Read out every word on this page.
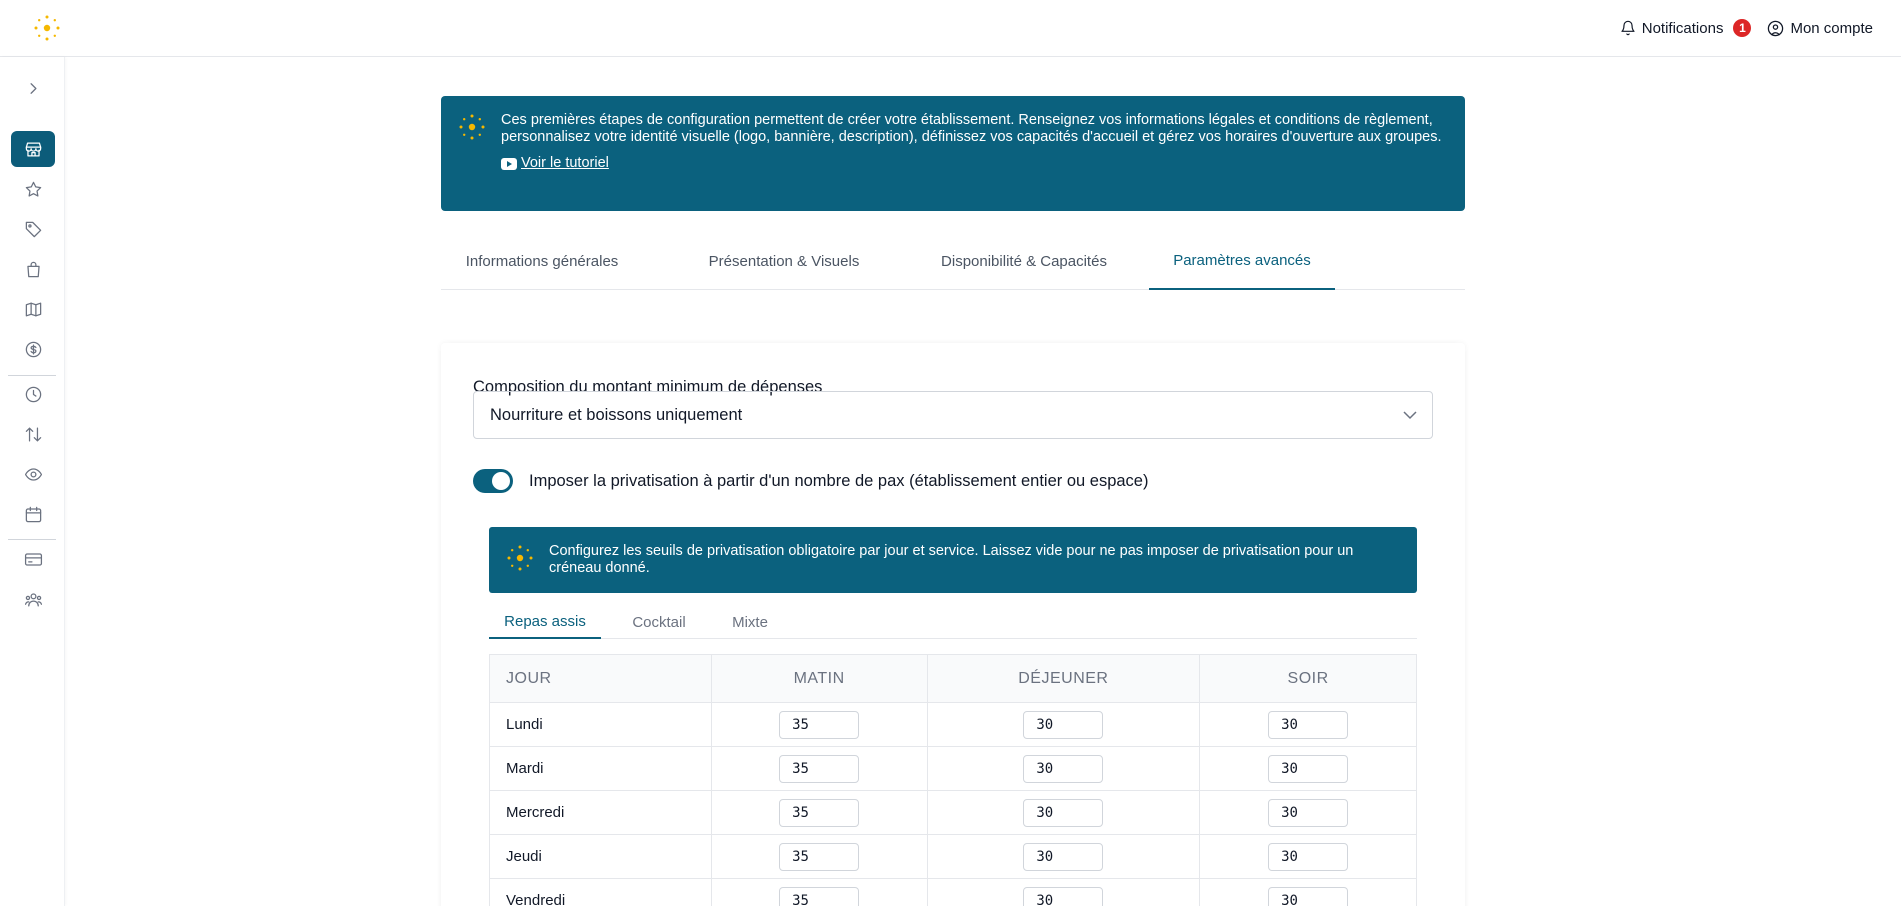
Notifications	1	Mon compte
Ces premières étapes de configuration permettent de créer votre établissement. Renseignez vos informations légales et conditions de règlement, personnalisez votre identité visuelle (logo, bannière, description), définissez vos capacités d'accueil et gérez vos horaires d'ouverture aux groupes.
Voir le tutoriel
Informations générales	Présentation & Visuels	Disponibilité & Capacités	Paramètres avancés
Composition du montant minimum de dépenses
Nourriture et boissons uniquement
Imposer la privatisation à partir d'un nombre de pax (établissement entier ou espace)
Configurez les seuils de privatisation obligatoire par jour et service. Laissez vide pour ne pas imposer de privatisation pour un créneau donné.
Repas assis	Cocktail	Mixte
JOUR	MATIN	DÉJEUNER	SOIR
Lundi	35	30	30
Mardi	35	30	30
Mercredi	35	30	30
Jeudi	35	30	30
Vendredi	35	30	30
